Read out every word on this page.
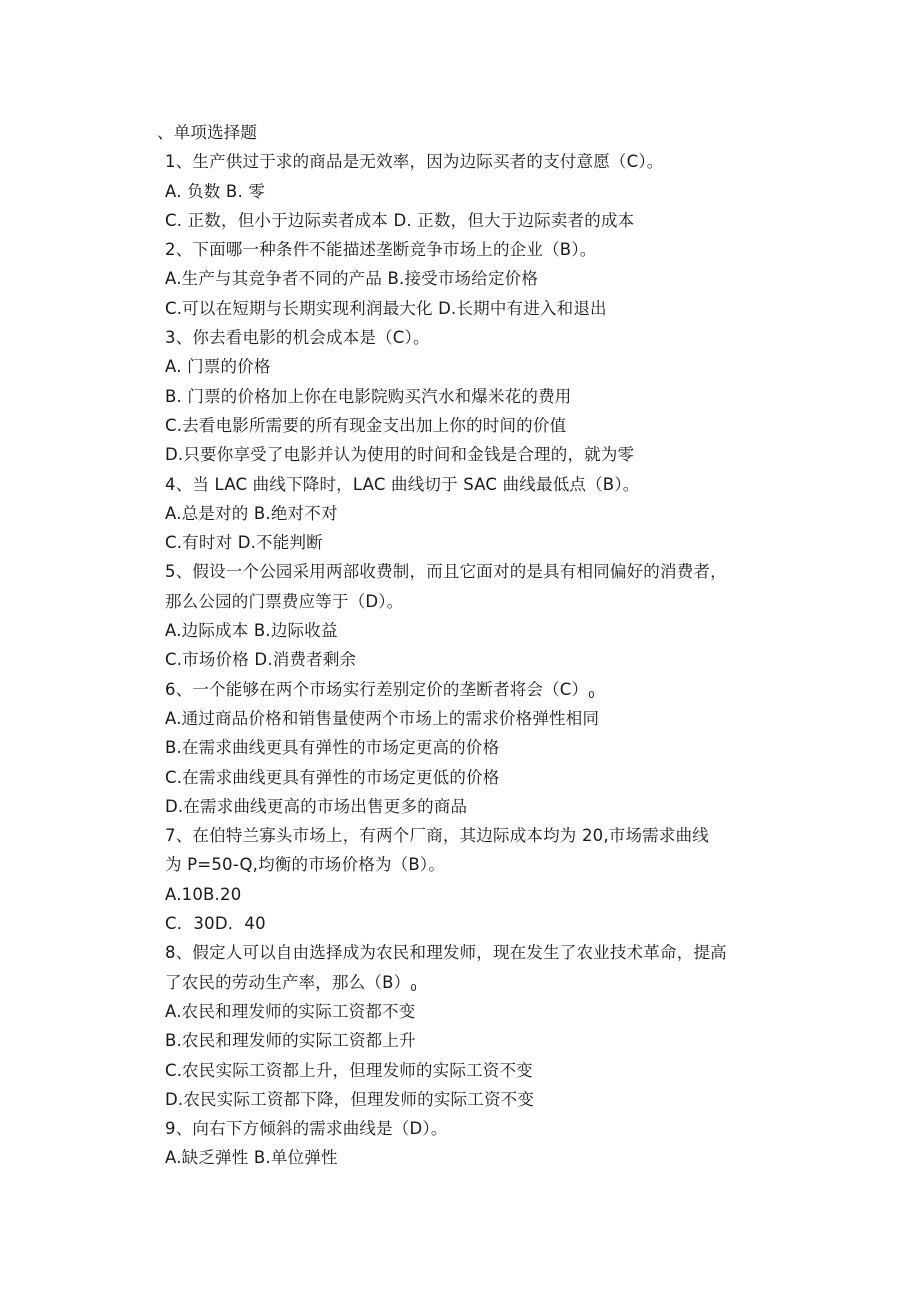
、单项选择题
1、生产供过于求的商品是无效率，因为边际买者的支付意愿（C）。
A. 负数 B. 零
C. 正数，但小于边际卖者成本 D. 正数，但大于边际卖者的成本
2、下面哪一种条件不能描述垄断竞争市场上的企业（B）。
A.生产与其竞争者不同的产品 B.接受市场给定价格
C.可以在短期与长期实现利润最大化 D.长期中有进入和退出
3、你去看电影的机会成本是（C）。
A. 门票的价格
B. 门票的价格加上你在电影院购买汽水和爆米花的费用
C.去看电影所需要的所有现金支出加上你的时间的价值
D.只要你享受了电影并认为使用的时间和金钱是合理的，就为零
4、当 LAC 曲线下降时，LAC 曲线切于 SAC 曲线最低点（B）。
A.总是对的 B.绝对不对
C.有时对 D.不能判断
5、假设一个公园采用两部收费制，而且它面对的是具有相同偏好的消费者，
那么公园的门票费应等于（D）。
A.边际成本 B.边际收益
C.市场价格 D.消费者剩余
6、一个能够在两个市场实行差别定价的垄断者将会$(C)_0$
A.通过商品价格和销售量使两个市场上的需求价格弹性相同
B.在需求曲线更具有弹性的市场定更高的价格
C.在需求曲线更具有弹性的市场定更低的价格
D.在需求曲线更高的市场出售更多的商品
7、在伯特兰寡头市场上，有两个厂商，其边际成本均为 20,市场需求曲线
为 P=50-Q,均衡的市场价格为（B）。
A.10B.20
C．30D．40
8、假定人可以自由选择成为农民和理发师，现在发生了农业技术革命，提高
了农民的劳动生产率，那么$(B)_0$
A.农民和理发师的实际工资都不变
B.农民和理发师的实际工资都上升
C.农民实际工资都上升，但理发师的实际工资不变
D.农民实际工资都下降，但理发师的实际工资不变
9、向右下方倾斜的需求曲线是（D）。
A.缺乏弹性 B.单位弹性
